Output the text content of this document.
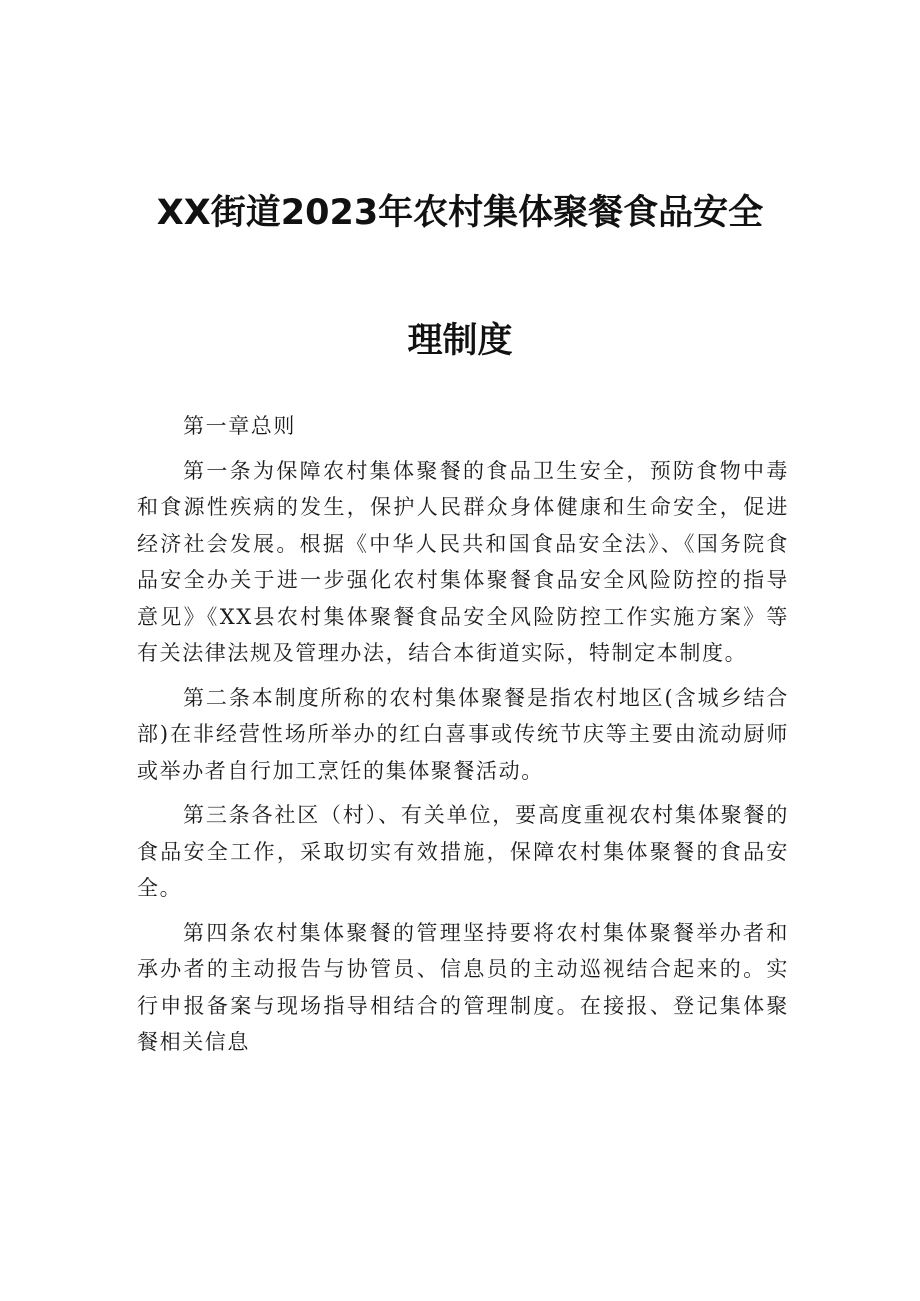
XX街道2023年农村集体聚餐食品安全
理制度

第一章总则

第一条为保障农村集体聚餐的食品卫生安全，预防食物中毒和食源性疾病的发生，保护人民群众身体健康和生命安全，促进经济社会发展。根据《中华人民共和国食品安全法》、《国务院食品安全办关于进一步强化农村集体聚餐食品安全风险防控的指导意见》《XX县农村集体聚餐食品安全风险防控工作实施方案》等有关法律法规及管理办法，结合本街道实际，特制定本制度。

第二条本制度所称的农村集体聚餐是指农村地区(含城乡结合部)在非经营性场所举办的红白喜事或传统节庆等主要由流动厨师或举办者自行加工烹饪的集体聚餐活动。

第三条各社区（村）、有关单位，要高度重视农村集体聚餐的食品安全工作，采取切实有效措施，保障农村集体聚餐的食品安全。

第四条农村集体聚餐的管理坚持要将农村集体聚餐举办者和承办者的主动报告与协管员、信息员的主动巡视结合起来的。实行申报备案与现场指导相结合的管理制度。在接报、登记集体聚餐相关信息
